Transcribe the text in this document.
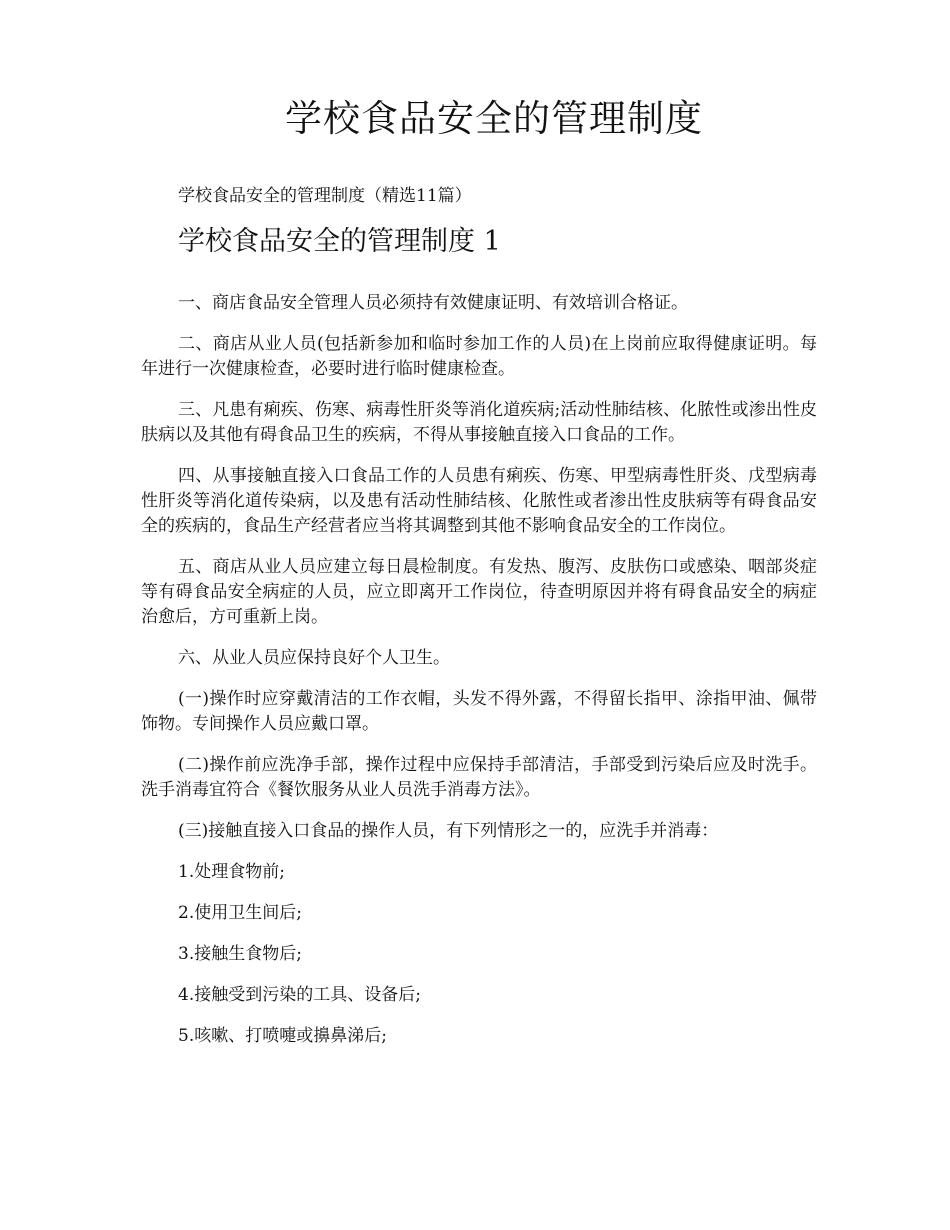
学校食品安全的管理制度

学校食品安全的管理制度（精选11篇）

学校食品安全的管理制度 1

一、商店食品安全管理人员必须持有效健康证明、有效培训合格证。

二、商店从业人员(包括新参加和临时参加工作的人员)在上岗前应取得健康证明。每年进行一次健康检查，必要时进行临时健康检查。

三、凡患有痢疾、伤寒、病毒性肝炎等消化道疾病;活动性肺结核、化脓性或渗出性皮肤病以及其他有碍食品卫生的疾病，不得从事接触直接入口食品的工作。

四、从事接触直接入口食品工作的人员患有痢疾、伤寒、甲型病毒性肝炎、戊型病毒性肝炎等消化道传染病，以及患有活动性肺结核、化脓性或者渗出性皮肤病等有碍食品安全的疾病的，食品生产经营者应当将其调整到其他不影响食品安全的工作岗位。

五、商店从业人员应建立每日晨检制度。有发热、腹泻、皮肤伤口或感染、咽部炎症等有碍食品安全病症的人员，应立即离开工作岗位，待查明原因并将有碍食品安全的病症治愈后，方可重新上岗。

六、从业人员应保持良好个人卫生。

(一)操作时应穿戴清洁的工作衣帽，头发不得外露，不得留长指甲、涂指甲油、佩带饰物。专间操作人员应戴口罩。

(二)操作前应洗净手部，操作过程中应保持手部清洁，手部受到污染后应及时洗手。洗手消毒宜符合《餐饮服务从业人员洗手消毒方法》。

(三)接触直接入口食品的操作人员，有下列情形之一的，应洗手并消毒：

1.处理食物前;

2.使用卫生间后;

3.接触生食物后;

4.接触受到污染的工具、设备后;

5.咳嗽、打喷嚏或擤鼻涕后;
